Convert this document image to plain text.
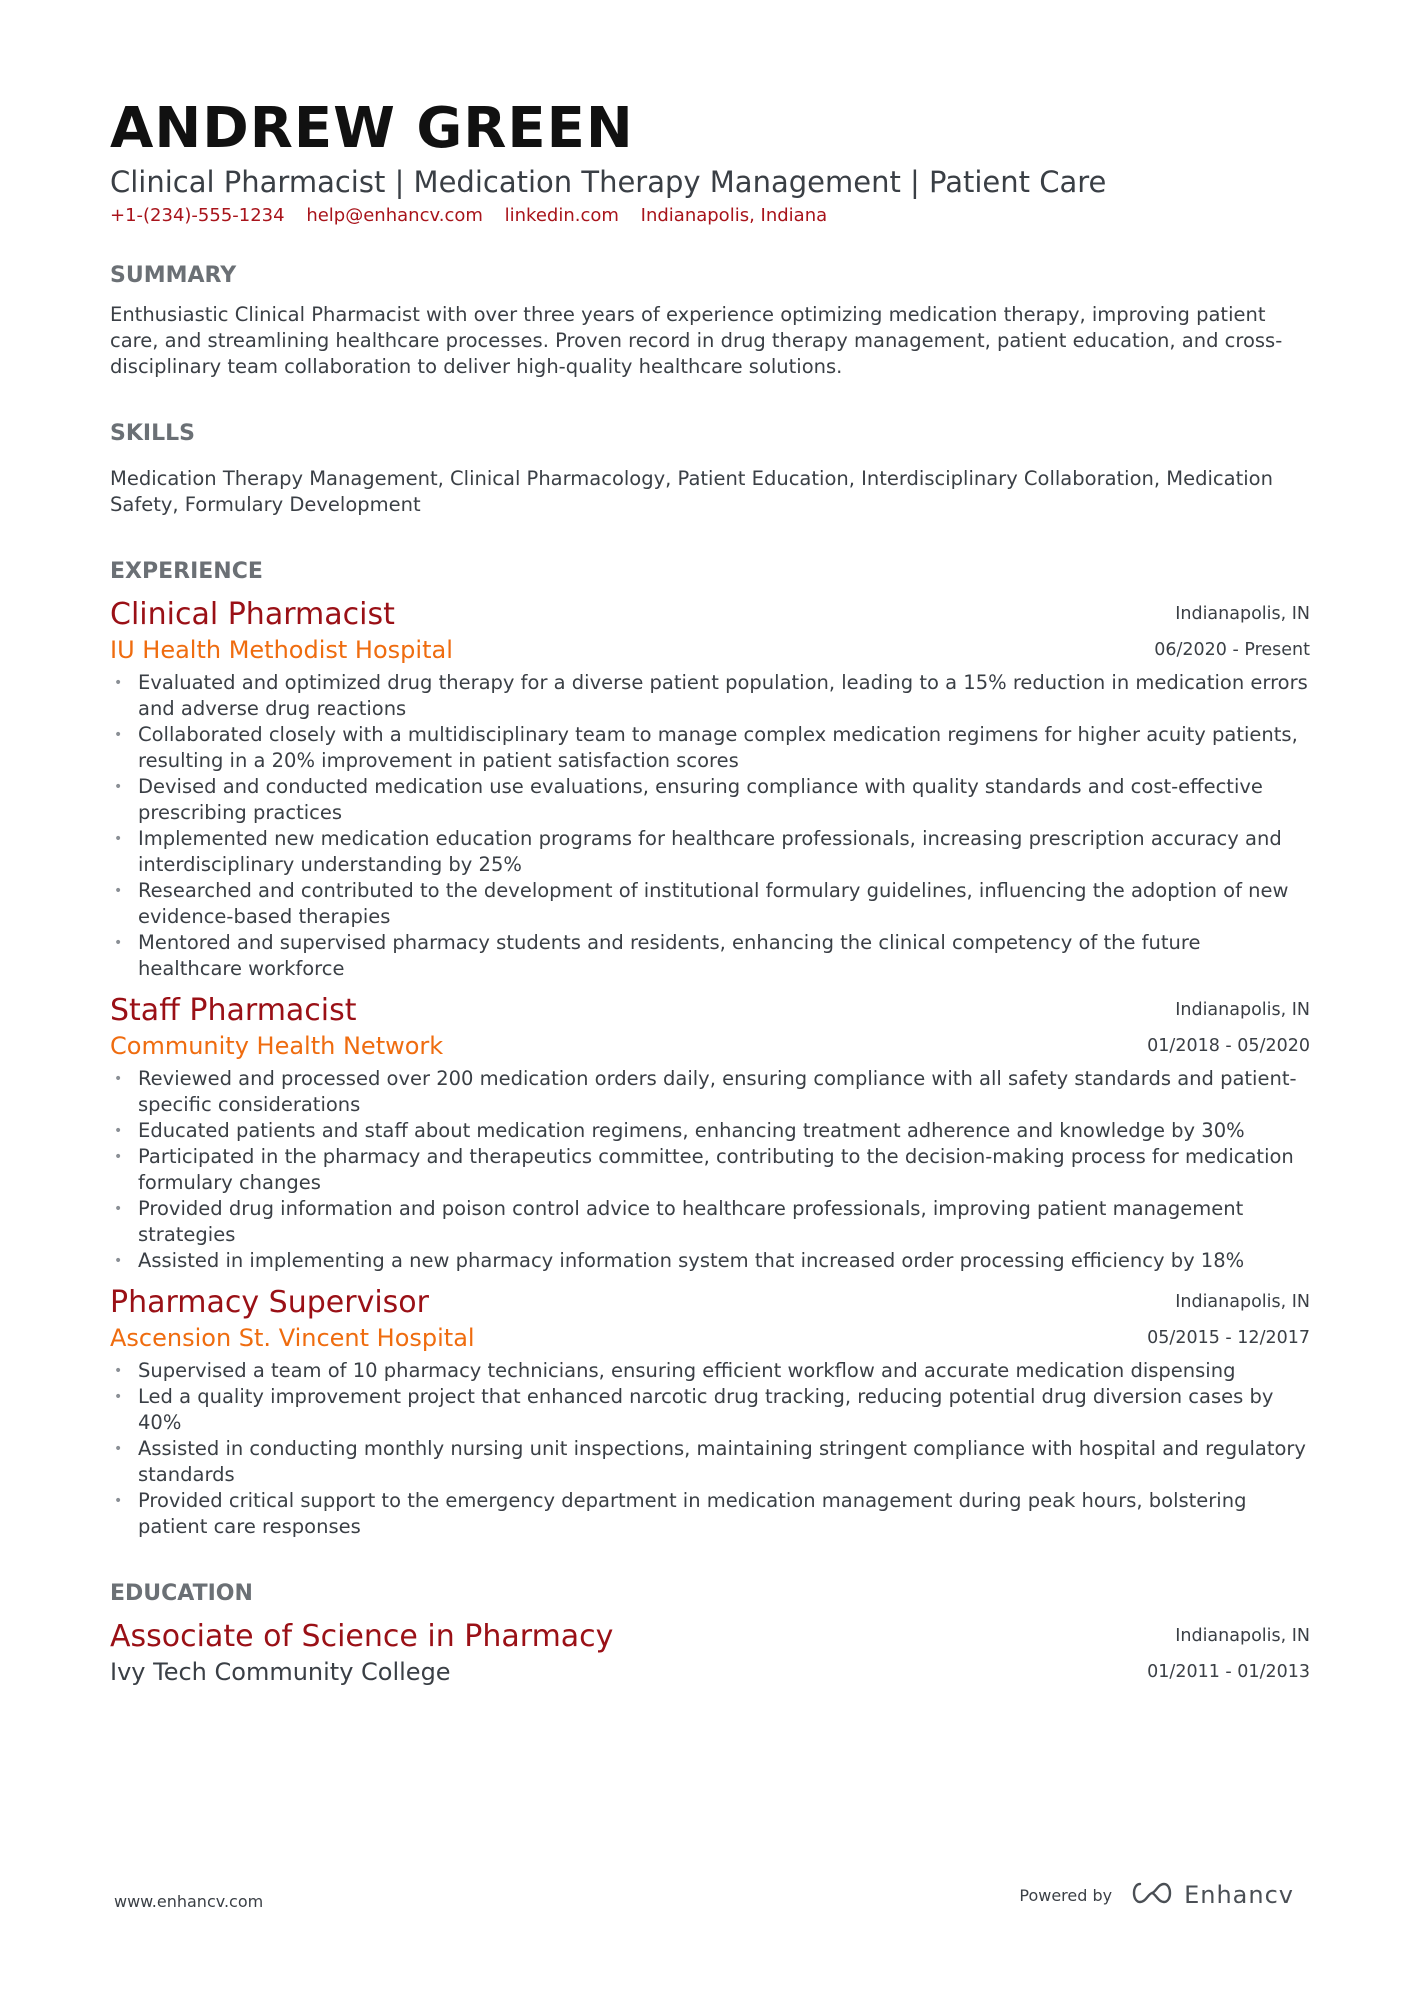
ANDREW GREEN
Clinical Pharmacist | Medication Therapy Management | Patient Care
+1-(234)-555-1234 help@enhancv.com linkedin.com Indianapolis, Indiana
SUMMARY
Enthusiastic Clinical Pharmacist with over three years of experience optimizing medication therapy, improving patient care, and streamlining healthcare processes. Proven record in drug therapy management, patient education, and cross-disciplinary team collaboration to deliver high-quality healthcare solutions.
SKILLS
Medication Therapy Management, Clinical Pharmacology, Patient Education, Interdisciplinary Collaboration, Medication Safety, Formulary Development
EXPERIENCE
Clinical Pharmacist
IU Health Methodist Hospital
Indianapolis, IN
06/2020 - Present
• Evaluated and optimized drug therapy for a diverse patient population, leading to a 15% reduction in medication errors and adverse drug reactions
• Collaborated closely with a multidisciplinary team to manage complex medication regimens for higher acuity patients, resulting in a 20% improvement in patient satisfaction scores
• Devised and conducted medication use evaluations, ensuring compliance with quality standards and cost-effective prescribing practices
• Implemented new medication education programs for healthcare professionals, increasing prescription accuracy and interdisciplinary understanding by 25%
• Researched and contributed to the development of institutional formulary guidelines, influencing the adoption of new evidence-based therapies
• Mentored and supervised pharmacy students and residents, enhancing the clinical competency of the future healthcare workforce
Staff Pharmacist
Community Health Network
Indianapolis, IN
01/2018 - 05/2020
• Reviewed and processed over 200 medication orders daily, ensuring compliance with all safety standards and patient-specific considerations
• Educated patients and staff about medication regimens, enhancing treatment adherence and knowledge by 30%
• Participated in the pharmacy and therapeutics committee, contributing to the decision-making process for medication formulary changes
• Provided drug information and poison control advice to healthcare professionals, improving patient management strategies
• Assisted in implementing a new pharmacy information system that increased order processing efficiency by 18%
Pharmacy Supervisor
Ascension St. Vincent Hospital
Indianapolis, IN
05/2015 - 12/2017
• Supervised a team of 10 pharmacy technicians, ensuring efficient workflow and accurate medication dispensing
• Led a quality improvement project that enhanced narcotic drug tracking, reducing potential drug diversion cases by 40%
• Assisted in conducting monthly nursing unit inspections, maintaining stringent compliance with hospital and regulatory standards
• Provided critical support to the emergency department in medication management during peak hours, bolstering patient care responses
EDUCATION
Associate of Science in Pharmacy
Ivy Tech Community College
Indianapolis, IN
01/2011 - 01/2013
www.enhancv.com	Powered by	Enhancv
